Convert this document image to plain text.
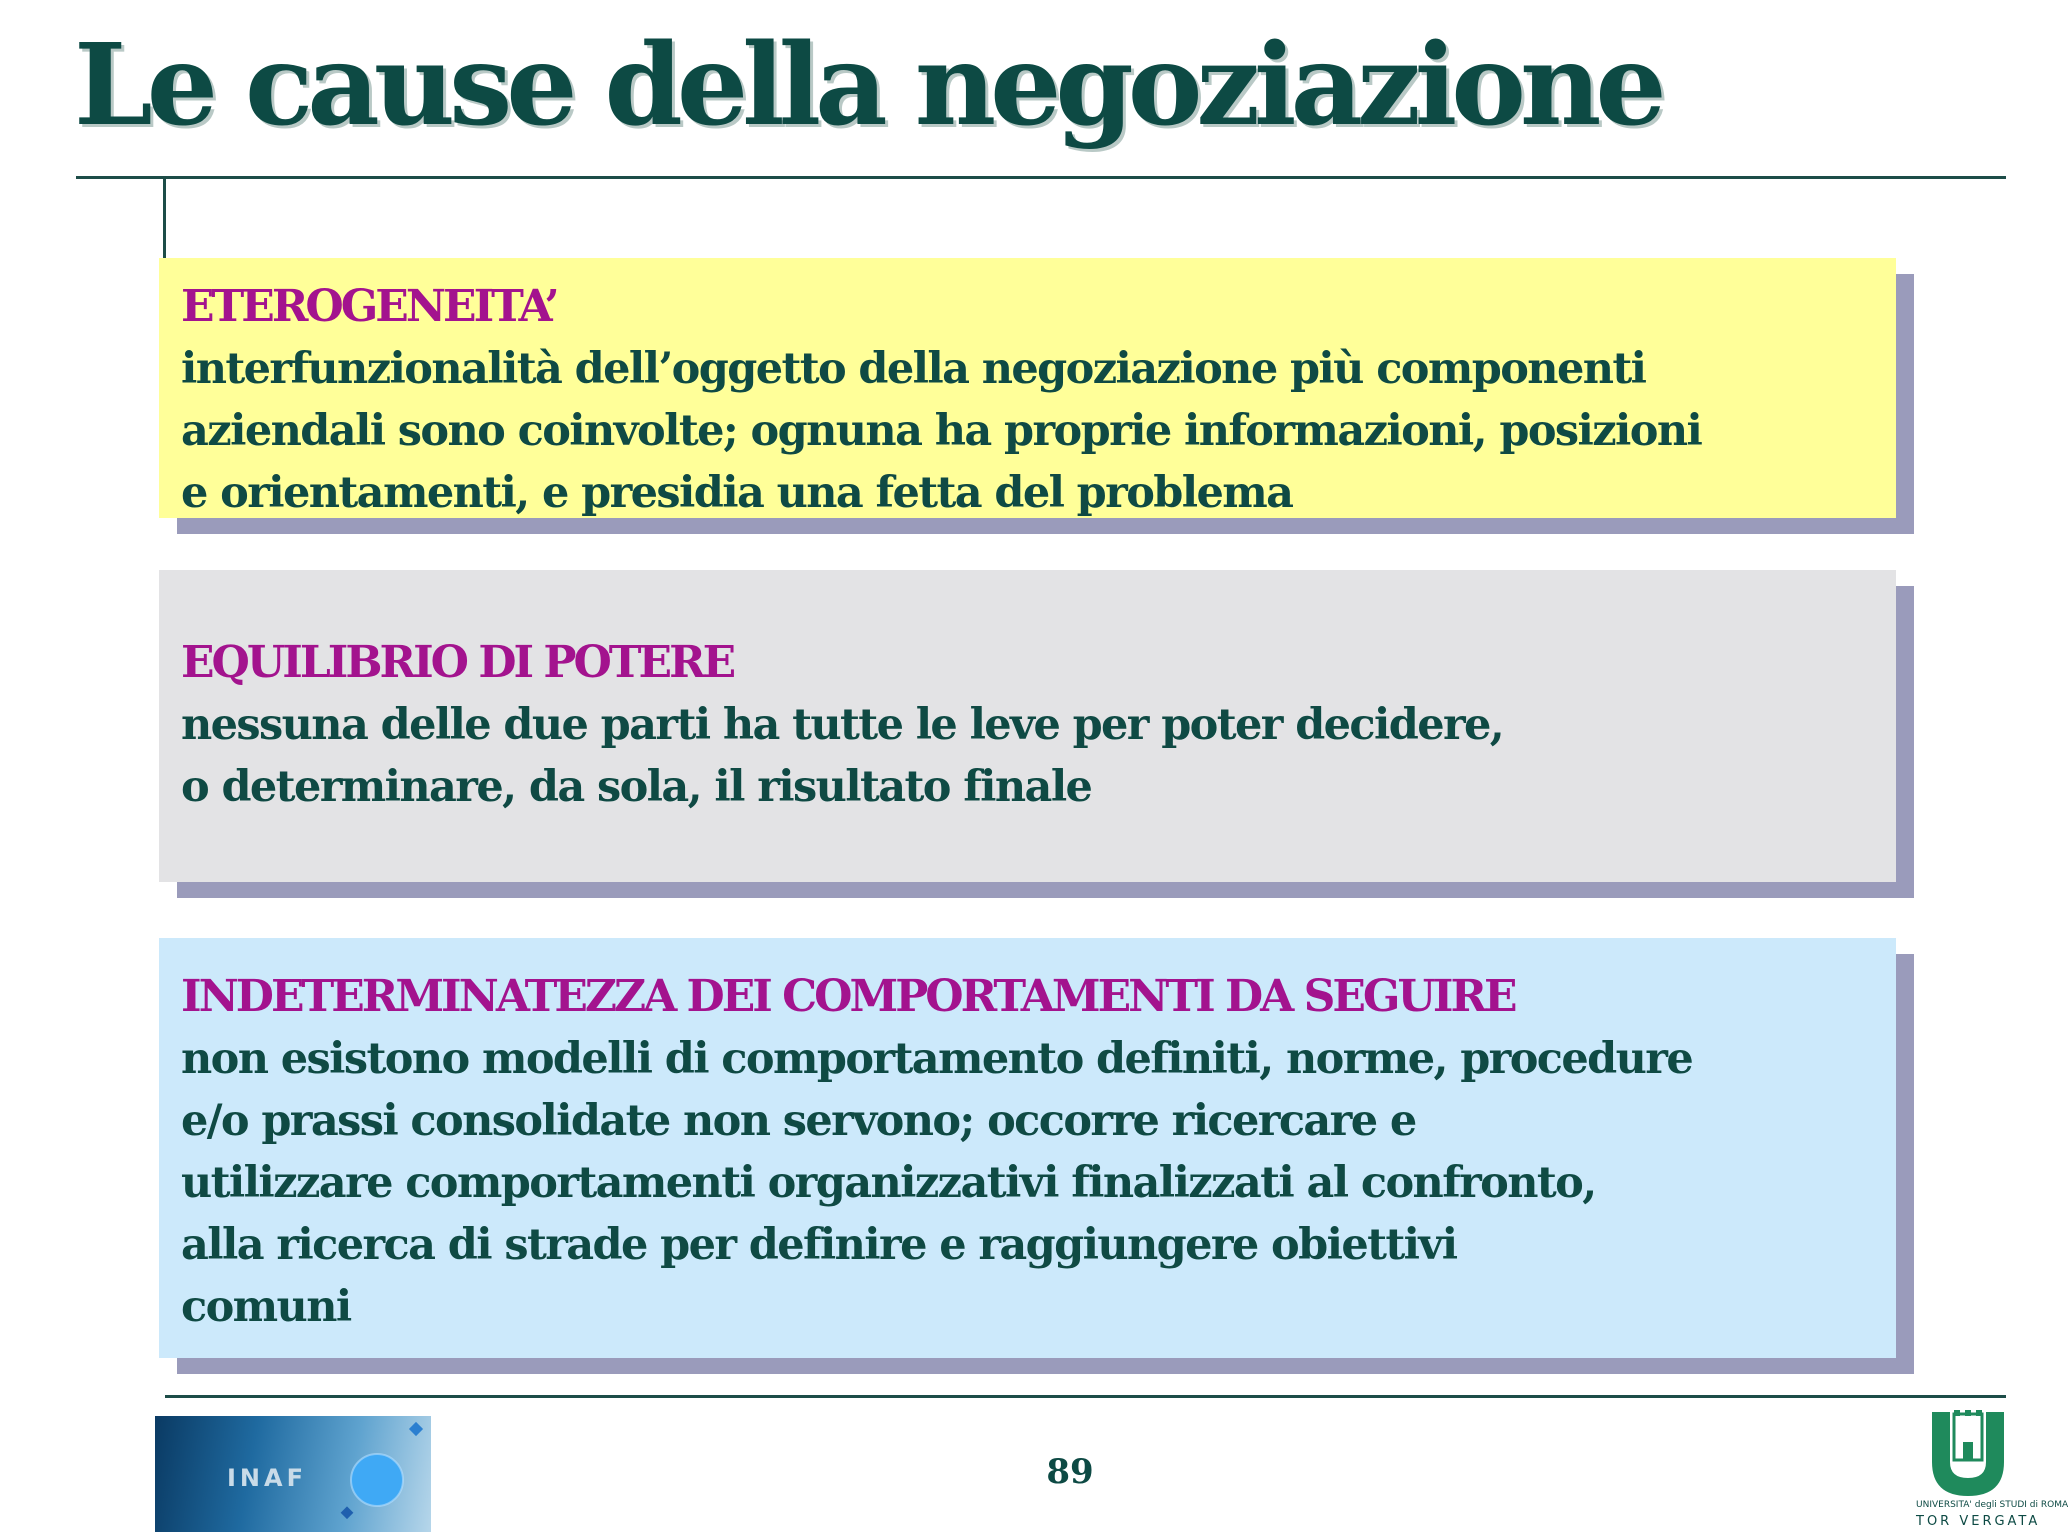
Le cause della negoziazione
ETEROGENEITA’
interfunzionalità dell’oggetto della negoziazione più componenti
aziendali sono coinvolte; ognuna ha proprie informazioni, posizioni
e orientamenti, e presidia una fetta del problema
EQUILIBRIO DI POTERE
nessuna delle due parti ha tutte le leve per poter decidere,
o determinare, da sola, il risultato finale
INDETERMINATEZZA DEI COMPORTAMENTI DA SEGUIRE
non esistono modelli di comportamento definiti, norme, procedure
e/o prassi consolidate non servono; occorre ricercare e
utilizzare comportamenti organizzativi finalizzati al confronto,
alla ricerca di strade per definire e raggiungere obiettivi
comuni
INAF	89
UNIVERSITA' degli STUDI di ROMA
TOR VERGATA
